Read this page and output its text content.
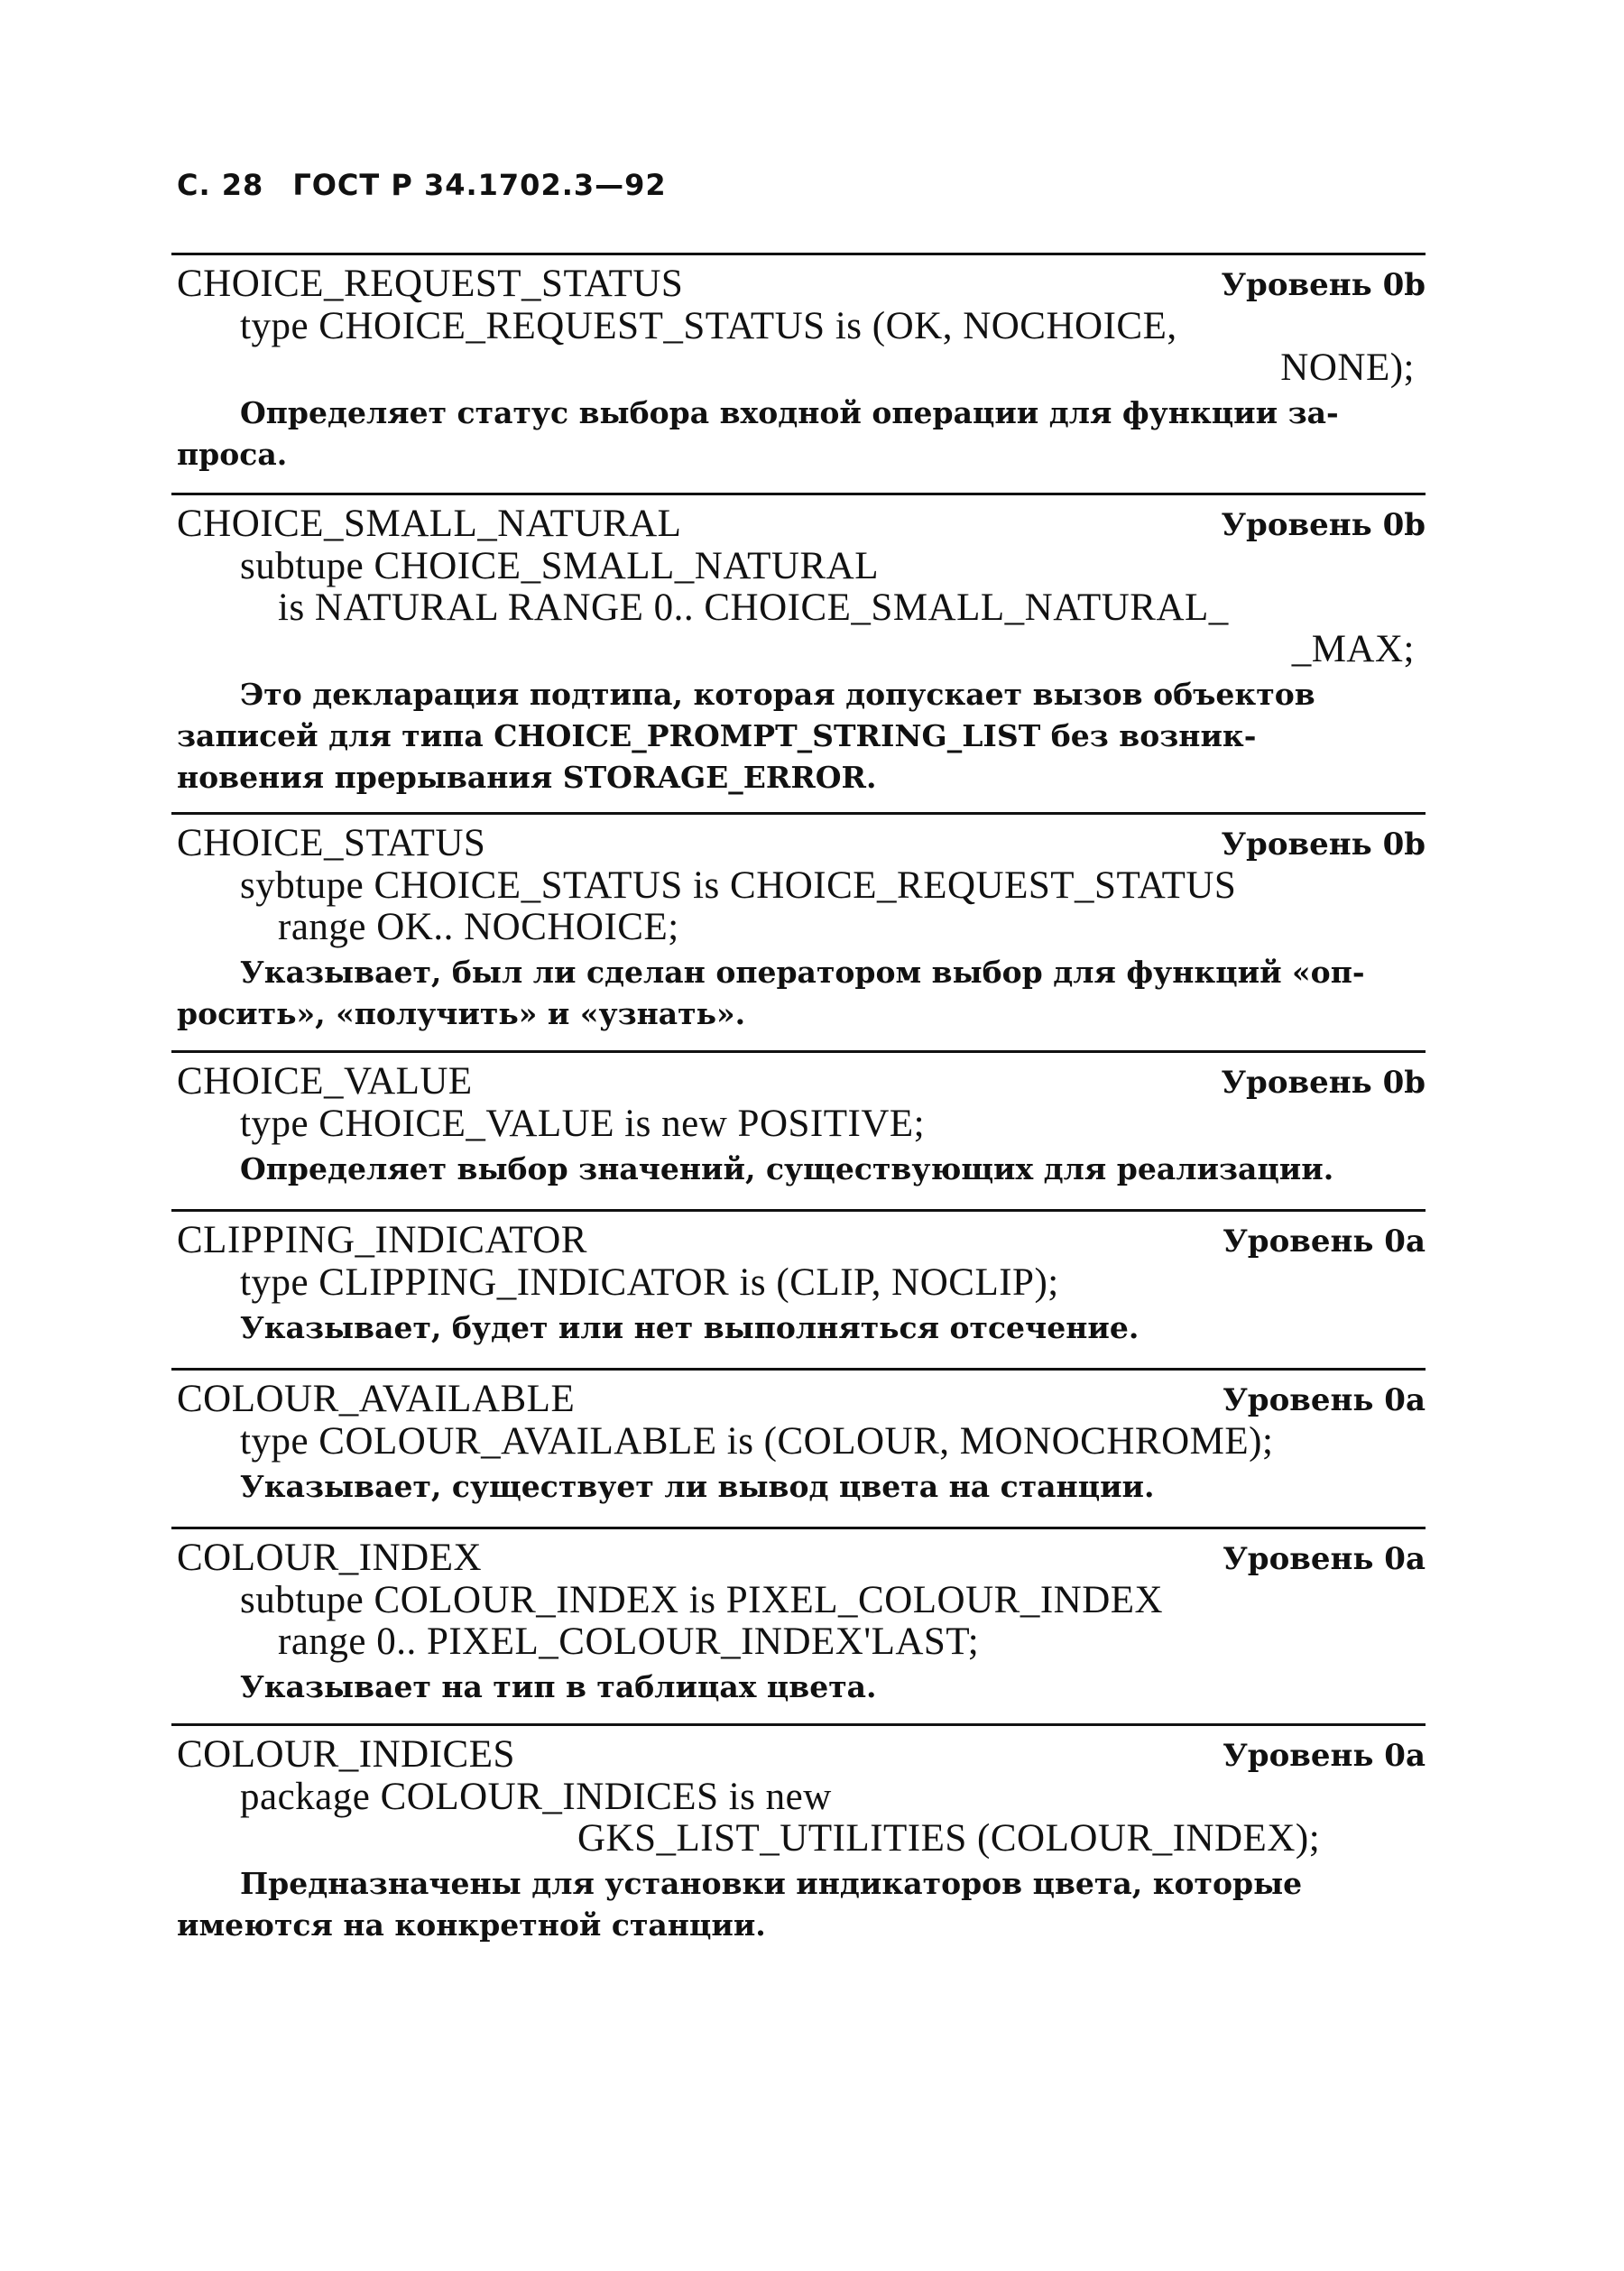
С. 28 ГОСТ Р 34.1702.3—92
CHOICE_REQUEST_STATUS	Уровень 0b
type CHOICE_REQUEST_STATUS is (OK, NOCHOICE,
NONE);
Определяет статус выбора входной операции для функции за-
проса.
CHOICE_SMALL_NATURAL	Уровень 0b
subtupe CHOICE_SMALL_NATURAL
is NATURAL RANGE 0.. CHOICE_SMALL_NATURAL_
_MAX;
Это декларация подтипа, которая допускает вызов объектов
записей для типа CHOICE_PROMPT_STRING_LIST без возник-
новения прерывания STORAGE_ERROR.
CHOICE_STATUS	Уровень 0b
sybtupe CHOICE_STATUS is CHOICE_REQUEST_STATUS
range OK.. NOCHOICE;
Указывает, был ли сделан оператором выбор для функций «оп-
росить», «получить» и «узнать».
CHOICE_VALUE	Уровень 0b
type CHOICE_VALUE is new POSITIVE;
Определяет выбор значений, существующих для реализации.
CLIPPING_INDICATOR	Уровень 0a
type CLIPPING_INDICATOR is (CLIP, NOCLIP);
Указывает, будет или нет выполняться отсечение.
COLOUR_AVAILABLE	Уровень 0a
type COLOUR_AVAILABLE is (COLOUR, MONOCHROME);
Указывает, существует ли вывод цвета на станции.
COLOUR_INDEX	Уровень 0a
subtupe COLOUR_INDEX is PIXEL_COLOUR_INDEX
range 0.. PIXEL_COLOUR_INDEX'LAST;
Указывает на тип в таблицах цвета.
COLOUR_INDICES	Уровень 0a
package COLOUR_INDICES is new
GKS_LIST_UTILITIES (COLOUR_INDEX);
Предназначены для установки индикаторов цвета, которые
имеются на конкретной станции.
